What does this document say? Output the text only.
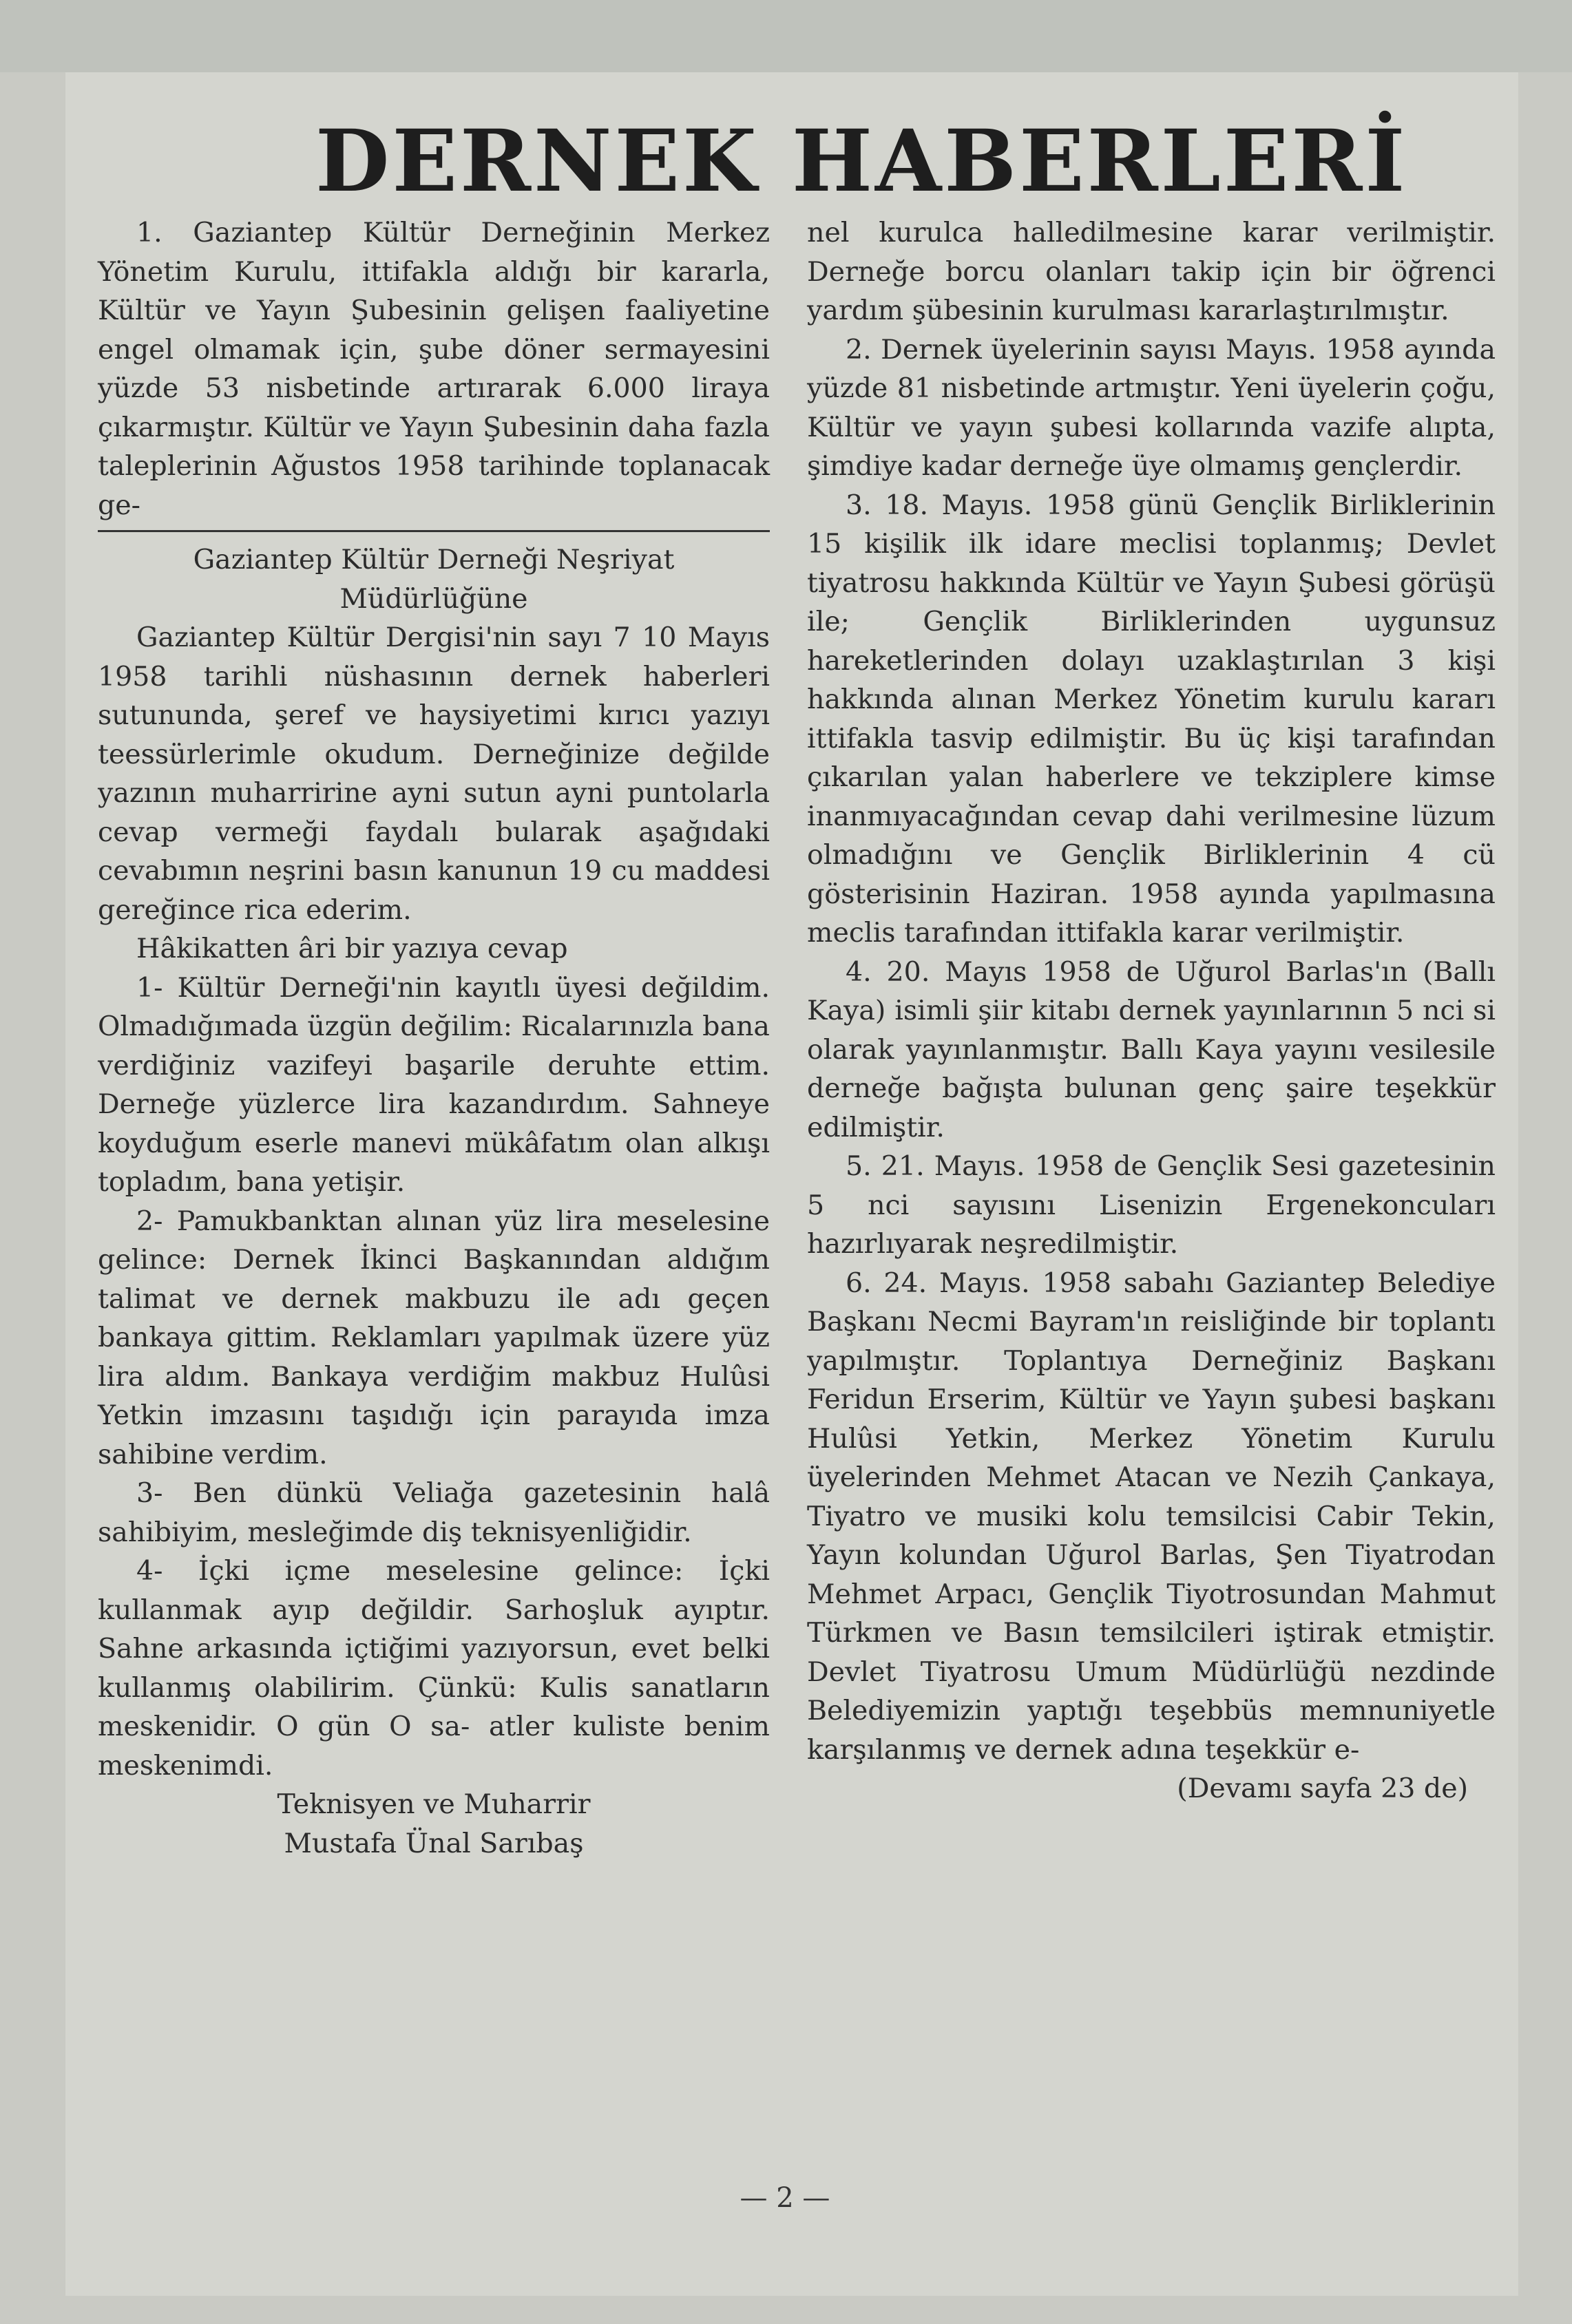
DERNEK HABERLERİ

1. Gaziantep Kültür Derneğinin Merkez Yönetim Kurulu, ittifakla aldığı bir kararla, Kültür ve Yayın Şubesinin gelişen faaliyetine engel olmamak için, şube döner sermayesini yüzde 53 nisbetinde artırarak 6.000 liraya çıkarmıştır. Kültür ve Yayın Şubesinin daha fazla taleplerinin Ağustos 1958 tarihinde toplanacak ge-

Gaziantep Kültür Derneği Neşriyat Müdürlüğüne

Gaziantep Kültür Dergisi'nin sayı 7 10 Mayıs 1958 tarihli nüshasının dernek haberleri sutununda, şeref ve haysiyetimi kırıcı yazıyı teessürlerimle okudum. Derneğinize değilde yazının muharririne ayni sutun ayni puntolarla cevap vermeği faydalı bularak aşağıdaki cevabımın neşrini basın kanunun 19 cu maddesi gereğince rica ederim.

Hâkikatten âri bir yazıya cevap

1- Kültür Derneği'nin kayıtlı üyesi değildim. Olmadığımada üzgün değilim: Ricalarınızla bana verdiğiniz vazifeyi başarile deruhte ettim. Derneğe yüzlerce lira kazandırdım. Sahneye koyduğum eserle manevi mükâfatım olan alkışı topladım, bana yetişir.

2- Pamukbanktan alınan yüz lira meselesine gelince: Dernek İkinci Başkanından aldığım talimat ve dernek makbuzu ile adı geçen bankaya gittim. Reklamları yapılmak üzere yüz lira aldım. Bankaya verdiğim makbuz Hulûsi Yetkin imzasını taşıdığı için parayıda imza sahibine verdim.

3- Ben dünkü Veliağa gazetesinin halâ sahibiyim, mesleğimde diş teknisyenliğidir.

4- İçki içme meselesine gelince: İçki kullanmak ayıp değildir. Sarhoşluk ayıptır. Sahne arkasında içtiğimi yazıyorsun, evet belki kullanmış olabilirim. Çünkü: Kulis sanatların meskenidir. O gün O sa- atler kuliste benim meskenimdi.

Teknisyen ve Muharrir

Mustafa Ünal Sarıbaş

nel kurulca halledilmesine karar verilmiştir. Derneğe borcu olanları takip için bir öğrenci yardım şübesinin kurulması kararlaştırılmıştır.

2. Dernek üyelerinin sayısı Mayıs. 1958 ayında yüzde 81 nisbetinde artmıştır. Yeni üyelerin çoğu, Kültür ve yayın şubesi kollarında vazife alıpta, şimdiye kadar derneğe üye olmamış gençlerdir.

3. 18. Mayıs. 1958 günü Gençlik Birliklerinin 15 kişilik ilk idare meclisi toplanmış; Devlet tiyatrosu hakkında Kültür ve Yayın Şubesi görüşü ile; Gençlik Birliklerinden uygunsuz hareketlerinden dolayı uzaklaştırılan 3 kişi hakkında alınan Merkez Yönetim kurulu kararı ittifakla tasvip edilmiştir. Bu üç kişi tarafından çıkarılan yalan haberlere ve tekziplere kimse inanmıyacağından cevap dahi verilmesine lüzum olmadığını ve Gençlik Birliklerinin 4 cü gösterisinin Haziran. 1958 ayında yapılmasına meclis tarafından ittifakla karar verilmiştir.

4. 20. Mayıs 1958 de Uğurol Barlas'ın (Ballı Kaya) isimli şiir kitabı dernek yayınlarının 5 nci si olarak yayınlanmıştır. Ballı Kaya yayını vesilesile derneğe bağışta bulunan genç şaire teşekkür edilmiştir.

5. 21. Mayıs. 1958 de Gençlik Sesi gazetesinin 5 nci sayısını Lisenizin Ergenekoncuları hazırlıyarak neşredilmiştir.

6. 24. Mayıs. 1958 sabahı Gaziantep Belediye Başkanı Necmi Bayram'ın reisliğinde bir toplantı yapılmıştır. Toplantıya Derneğiniz Başkanı Feridun Erserim, Kültür ve Yayın şubesi başkanı Hulûsi Yetkin, Merkez Yönetim Kurulu üyelerinden Mehmet Atacan ve Nezih Çankaya, Tiyatro ve musiki kolu temsilcisi Cabir Tekin, Yayın kolundan Uğurol Barlas, Şen Tiyatrodan Mehmet Arpacı, Gençlik Tiyotrosundan Mahmut Türkmen ve Basın temsilcileri iştirak etmiştir. Devlet Tiyatrosu Umum Müdürlüğü nezdinde Belediyemizin yaptığı teşebbüs memnuniyetle karşılanmış ve dernek adına teşekkür e-

(Devamı sayfa 23 de)

— 2 —
